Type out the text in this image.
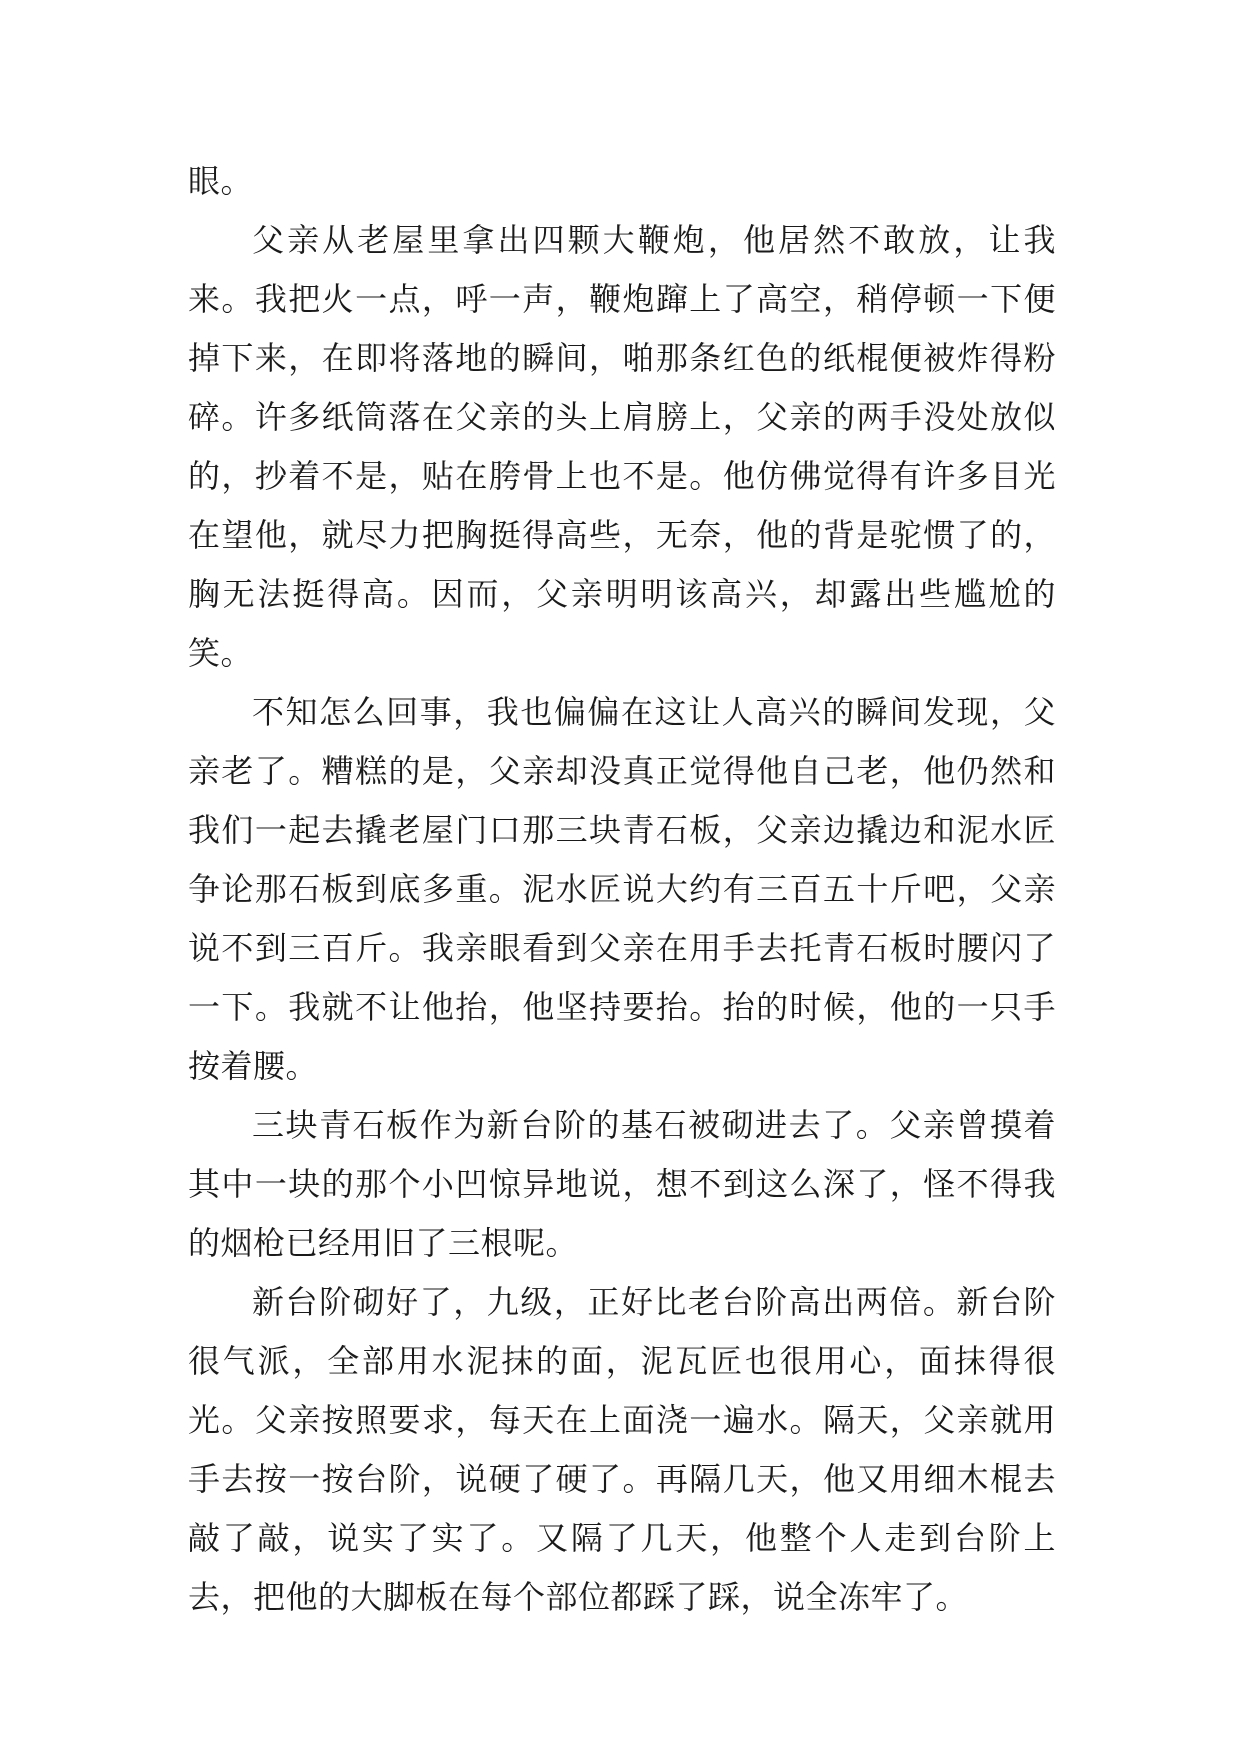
眼。

父亲从老屋里拿出四颗大鞭炮，他居然不敢放，让我来。我把火一点，呼一声，鞭炮蹿上了高空，稍停顿一下便掉下来，在即将落地的瞬间，啪那条红色的纸棍便被炸得粉碎。许多纸筒落在父亲的头上肩膀上，父亲的两手没处放似的，抄着不是，贴在胯骨上也不是。他仿佛觉得有许多目光在望他，就尽力把胸挺得高些，无奈，他的背是驼惯了的，胸无法挺得高。因而，父亲明明该高兴，却露出些尴尬的笑。

不知怎么回事，我也偏偏在这让人高兴的瞬间发现，父亲老了。糟糕的是，父亲却没真正觉得他自己老，他仍然和我们一起去撬老屋门口那三块青石板，父亲边撬边和泥水匠争论那石板到底多重。泥水匠说大约有三百五十斤吧，父亲说不到三百斤。我亲眼看到父亲在用手去托青石板时腰闪了一下。我就不让他抬，他坚持要抬。抬的时候，他的一只手按着腰。

三块青石板作为新台阶的基石被砌进去了。父亲曾摸着其中一块的那个小凹惊异地说，想不到这么深了，怪不得我的烟枪已经用旧了三根呢。

新台阶砌好了，九级，正好比老台阶高出两倍。新台阶很气派，全部用水泥抹的面，泥瓦匠也很用心，面抹得很光。父亲按照要求，每天在上面浇一遍水。隔天，父亲就用手去按一按台阶，说硬了硬了。再隔几天，他又用细木棍去敲了敲，说实了实了。又隔了几天，他整个人走到台阶上去，把他的大脚板在每个部位都踩了踩，说全冻牢了。
